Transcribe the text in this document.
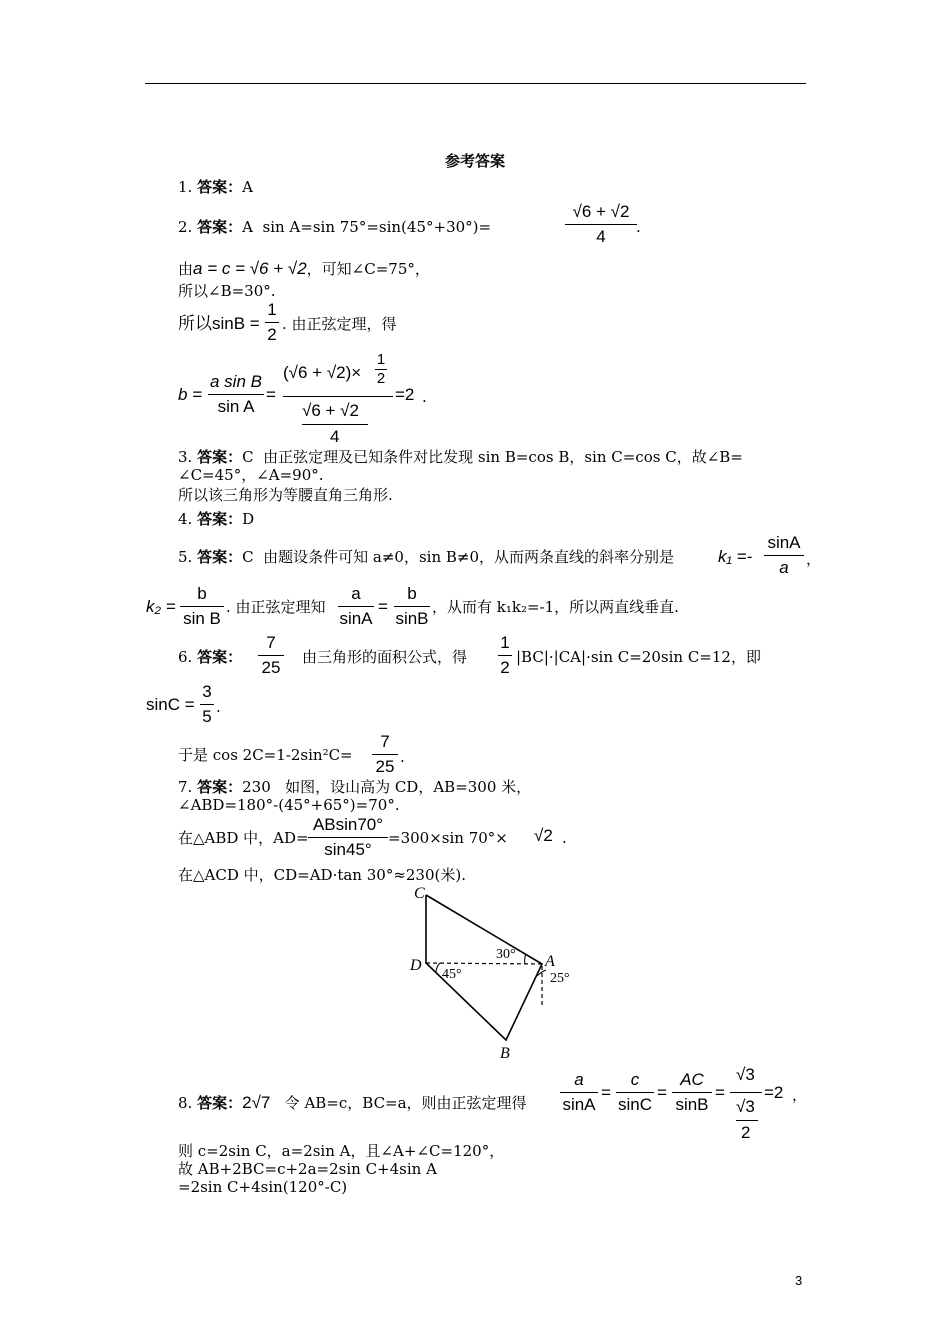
参考答案
1. 答案：A
2. 答案：A sin A=sin 75°=sin(45°+30°)=
√6 + √2
4	.
由a = c = √6 + √2，可知∠C=75°，
所以∠B=30°.
所以sinB =
1
2
. 由正弦定理，得
b =
a sin B
sin A
=
(√6 + √2)×
1
2
√6 + √2
4
=2 .
3. 答案：C 由正弦定理及已知条件对比发现 sin B=cos B，sin C=cos C，故∠B=
∠C=45°，∠A=90°.
所以该三角形为等腰直角三角形.
4. 答案：D
5. 答案：C 由题设条件可知 a≠0，sin B≠0，从而两条直线的斜率分别是	k₁ =-
sinA
a	，
k₂ =
b
sin B
. 由正弦定理知
a
sinA
=
b
sinB
，从而有 k₁k₂=-1，所以两直线垂直.
6. 答案：
7
25
由三角形的面积公式，得
1
2
|BC|·|CA|·sin C=20sin C=12，即
sinC =
3
5 .
于是 cos 2C=1-2sin²C=
7
25 .
7. 答案：230 如图，设山高为 CD，AB=300 米，
∠ABD=180°-(45°+65°)=70°.
在△ABD 中，AD=
ABsin70°
sin45°
=300×sin 70°× √2 .
在△ACD 中，CD=AD·tan 30°≈230(米).
C
D	A
B
30°
45°	25°
8. 答案：2√7 令 AB=c，BC=a，则由正弦定理得
a
sinA
=
c
sinC
=
AC
sinB
=
√3
√3
2
=2 ，
则 c=2sin C，a=2sin A，且∠A+∠C=120°，
故 AB+2BC=c+2a=2sin C+4sin A
=2sin C+4sin(120°-C)
3
